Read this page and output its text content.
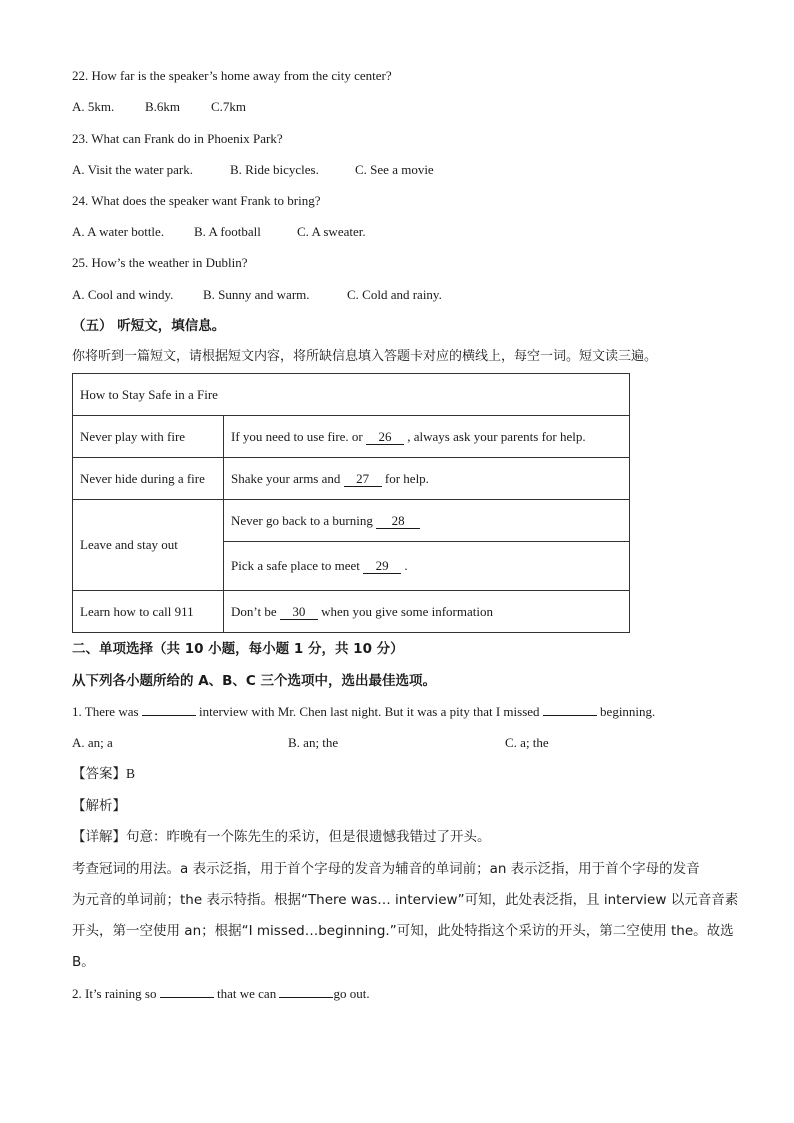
22. How far is the speaker’s home away from the city center?
A. 5km. B.6km C.7km
23. What can Frank do in Phoenix Park?
A. Visit the water park.	B. Ride bicycles.	C. See a movie
24. What does the speaker want Frank to bring?
A. A water bottle. B. A football	C. A sweater.
25. How’s the weather in Dublin?
A. Cool and windy. B. Sunny and warm.	C. Cold and rainy.
（五） 听短文，填信息。
你将听到一篇短文，请根据短文内容，将所缺信息填入答题卡对应的横线上，每空一词。短文读三遍。
How to Stay Safe in a Fire	
Never play with fire	If you need to use fire. or 26 , always ask your parents for help.
Never hide during a fire	Shake your arms and 27 for help.
Leave and stay out	Never go back to a burning 28
	Pick a safe place to meet 29 .
Learn how to call 911	Don’t be 30 when you give some information
二、单项选择（共 10 小题，每小题 1 分，共 10 分）
从下列各小题所给的 A、B、C 三个选项中，选出最佳选项。
1. There was	interview with Mr. Chen last night. But it was a pity that I missed	beginning.
A. an; a	B. an; the	C. a; the
【答案】B
【解析】
【详解】句意：昨晚有一个陈先生的采访，但是很遗憾我错过了开头。
考查冠词的用法。a 表示泛指，用于首个字母的发音为辅音的单词前；an 表示泛指，用于首个字母的发音
为元音的单词前；the 表示特指。根据“There was… interview”可知，此处表泛指，且 interview 以元音音素
开头，第一空使用 an；根据“I missed…beginning.”可知，此处特指这个采访的开头，第二空使用 the。故选
B。
2. It’s raining so	that we can	go out.
